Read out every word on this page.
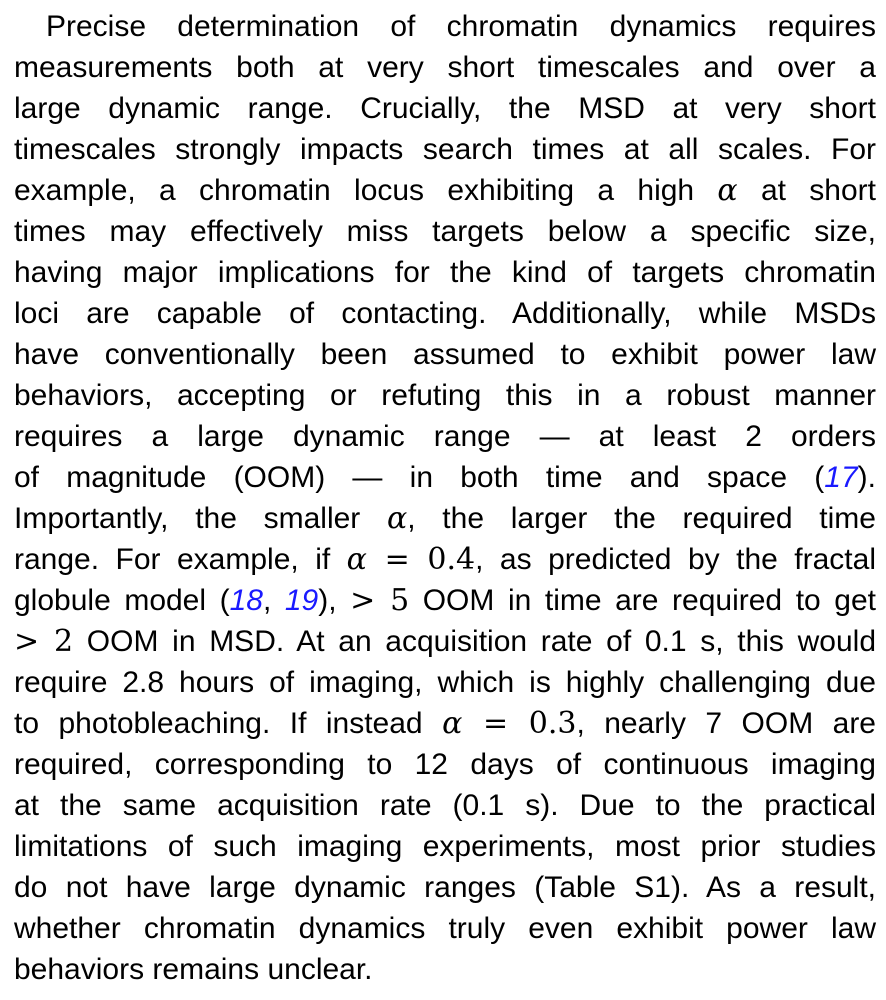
Precise determination of chromatin dynamics requires
measurements both at very short timescales and over a
large dynamic range. Crucially, the MSD at very short
timescales strongly impacts search times at all scales. For
example, a chromatin locus exhibiting a high α at short
times may effectively miss targets below a specific size,
having major implications for the kind of targets chromatin
loci are capable of contacting. Additionally, while MSDs
have conventionally been assumed to exhibit power law
behaviors, accepting or refuting this in a robust manner
requires a large dynamic range — at least 2 orders
of magnitude (OOM) — in both time and space (17).
Importantly, the smaller α, the larger the required time
range. For example, if α = 0.4, as predicted by the fractal
globule model (18, 19), > 5 OOM in time are required to get
> 2 OOM in MSD. At an acquisition rate of 0.1 s, this would
require 2.8 hours of imaging, which is highly challenging due
to photobleaching. If instead α = 0.3, nearly 7 OOM are
required, corresponding to 12 days of continuous imaging
at the same acquisition rate (0.1 s). Due to the practical
limitations of such imaging experiments, most prior studies
do not have large dynamic ranges (Table S1). As a result,
whether chromatin dynamics truly even exhibit power law
behaviors remains unclear.
